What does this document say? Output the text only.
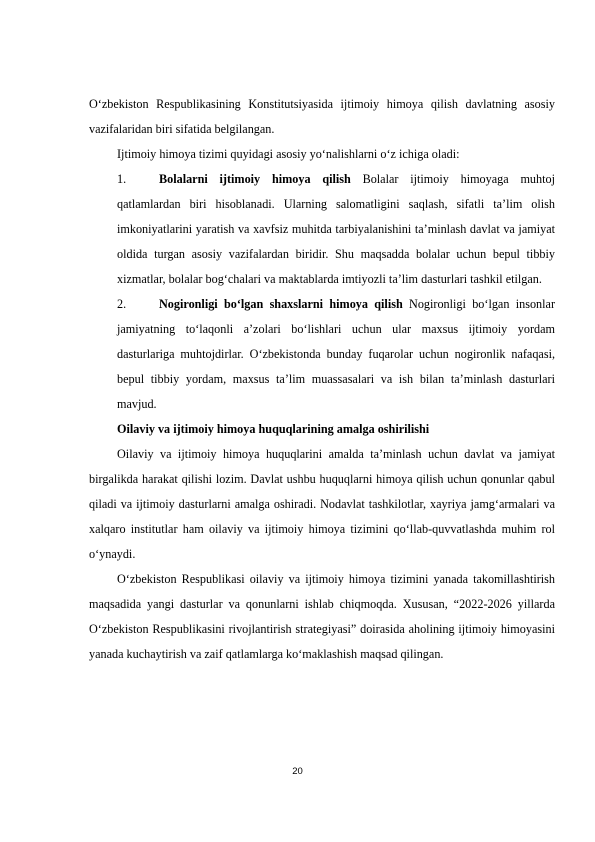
O‘zbekiston Respublikasining Konstitutsiyasida ijtimoiy himoya qilish davlatning asosiy vazifalaridan biri sifatida belgilangan.

Ijtimoiy himoya tizimi quyidagi asosiy yo‘nalishlarni o‘z ichiga oladi:

1.	Bolalarni ijtimoiy himoya qilish Bolalar ijtimoiy himoyaga muhtoj qatlamlardan biri hisoblanadi. Ularning salomatligini saqlash, sifatli ta’lim olish imkoniyatlarini yaratish va xavfsiz muhitda tarbiyalanishini ta’minlash davlat va jamiyat oldida turgan asosiy vazifalardan biridir. Shu maqsadda bolalar uchun bepul tibbiy xizmatlar, bolalar bog‘chalari va maktablarda imtiyozli ta’lim dasturlari tashkil etilgan.

2.	Nogironligi bo‘lgan shaxslarni himoya qilish Nogironligi bo‘lgan insonlar jamiyatning to‘laqonli a’zolari bo‘lishlari uchun ular maxsus ijtimoiy yordam dasturlariga muhtojdirlar. O‘zbekistonda bunday fuqarolar uchun nogironlik nafaqasi, bepul tibbiy yordam, maxsus ta’lim muassasalari va ish bilan ta’minlash dasturlari mavjud.

Oilaviy va ijtimoiy himoya huquqlarining amalga oshirilishi

Oilaviy va ijtimoiy himoya huquqlarini amalda ta’minlash uchun davlat va jamiyat birgalikda harakat qilishi lozim. Davlat ushbu huquqlarni himoya qilish uchun qonunlar qabul qiladi va ijtimoiy dasturlarni amalga oshiradi. Nodavlat tashkilotlar, xayriya jamg‘armalari va xalqaro institutlar ham oilaviy va ijtimoiy himoya tizimini qo‘llab-quvvatlashda muhim rol o‘ynaydi.

O‘zbekiston Respublikasi oilaviy va ijtimoiy himoya tizimini yanada takomillashtirish maqsadida yangi dasturlar va qonunlarni ishlab chiqmoqda. Xususan, “2022-2026 yillarda O‘zbekiston Respublikasini rivojlantirish strategiyasi” doirasida aholining ijtimoiy himoyasini yanada kuchaytirish va zaif qatlamlarga ko‘maklashish maqsad qilingan.

20
